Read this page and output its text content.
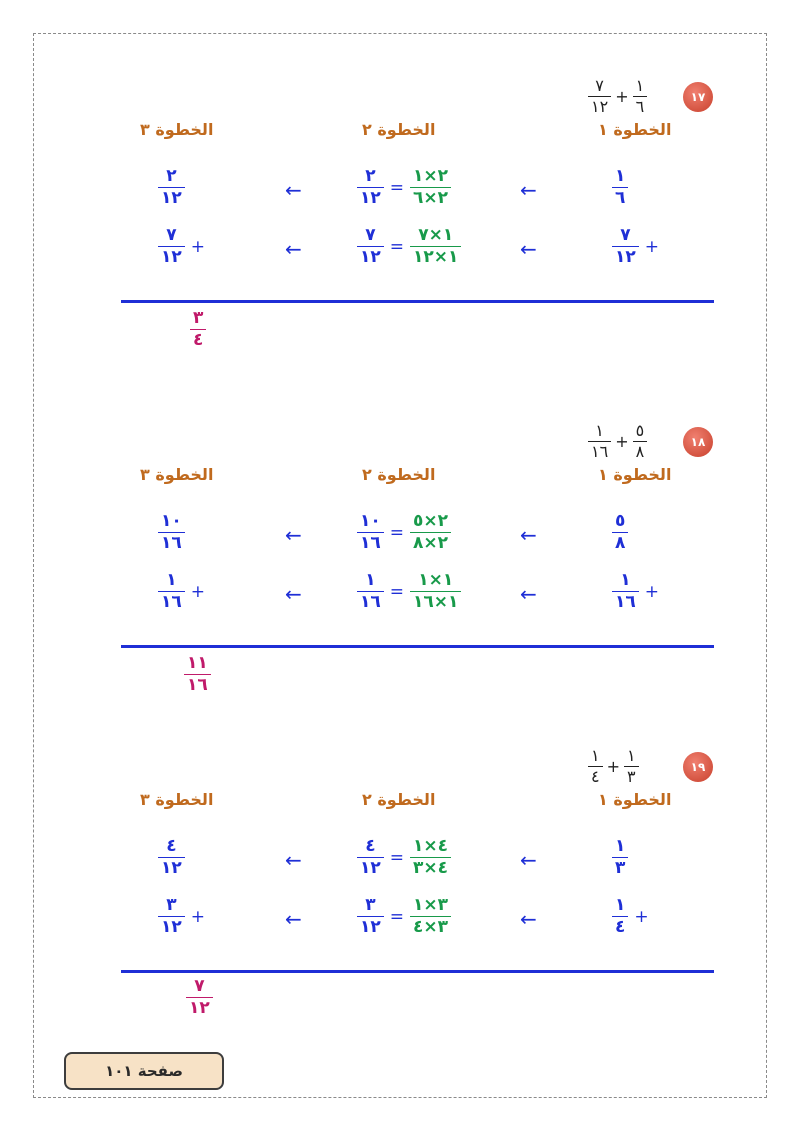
١٧
$\frac{٧}{١٢} + \frac{١}{٦}$
الخطوة ١
الخطوة ٢
الخطوة ٣
$\frac{٢}{١٢}$	←	$\frac{٢}{١٢} = \frac{٢\times ١}{٢\times ٦}$	←	$\frac{١}{٦}$
$\frac{٧}{١٢}$ +	←	$\frac{٧}{١٢} = \frac{١\times ٧}{١\times ١٢}$	←	$\frac{٧}{١٢}$ +
$\frac{٣}{٤}$
١٨
$\frac{١}{١٦} + \frac{٥}{٨}$
الخطوة ١
الخطوة ٢
الخطوة ٣
$\frac{١٠}{١٦}$	←	$\frac{١٠}{١٦} = \frac{٢\times ٥}{٢\times ٨}$	←	$\frac{٥}{٨}$
$\frac{١}{١٦}$ +	←	$\frac{١}{١٦} = \frac{١\times ١}{١\times ١٦}$	←	$\frac{١}{١٦}$ +
$\frac{١١}{١٦}$
١٩
$\frac{١}{٤} + \frac{١}{٣}$
الخطوة ١
الخطوة ٢
الخطوة ٣
$\frac{٤}{١٢}$	←	$\frac{٤}{١٢} = \frac{٤\times ١}{٤\times ٣}$	←	$\frac{١}{٣}$
$\frac{٣}{١٢}$ +	←	$\frac{٣}{١٢} = \frac{٣\times ١}{٣\times ٤}$	←	$\frac{١}{٤}$ +
$\frac{٧}{١٢}$
صفحة ١٠١
